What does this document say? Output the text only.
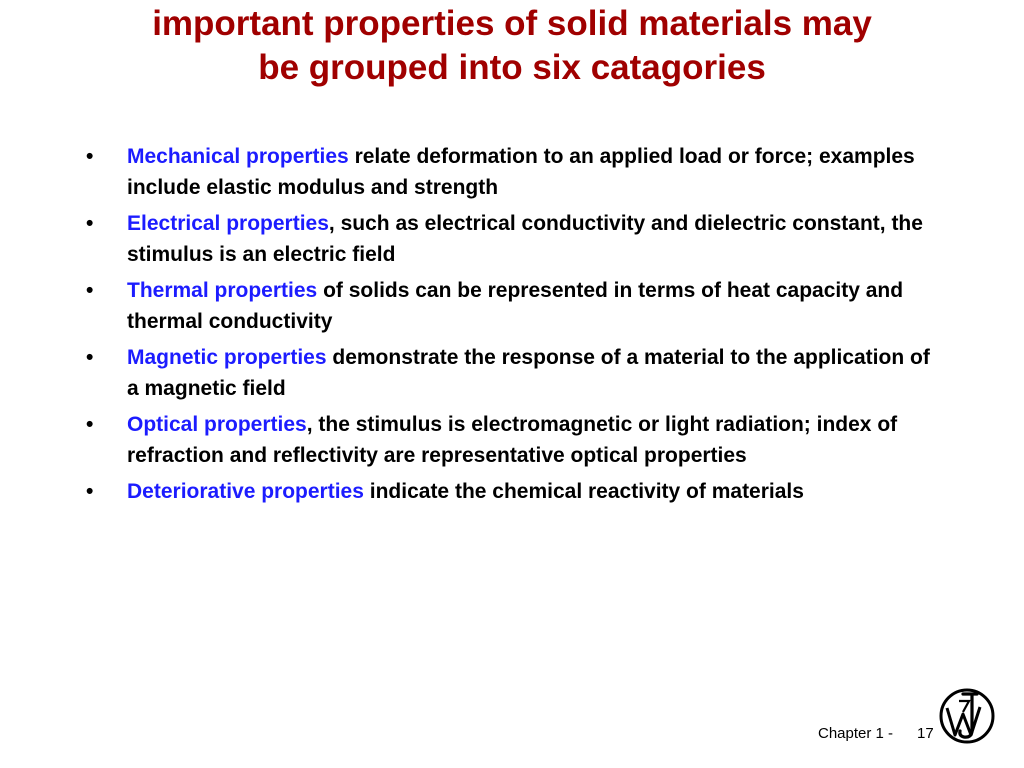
important properties of solid materials may
be grouped into six catagories
• Mechanical properties relate deformation to an applied load or force; examples include elastic modulus and strength
• Electrical properties, such as electrical conductivity and dielectric constant, the stimulus is an electric field
• Thermal properties of solids can be represented in terms of heat capacity and thermal conductivity
• Magnetic properties demonstrate the response of a material to the application of a magnetic field
• Optical properties, the stimulus is electromagnetic or light radiation; index of refraction and reflectivity are representative optical properties
• Deteriorative properties indicate the chemical reactivity of materials
Chapter 1 - 17
